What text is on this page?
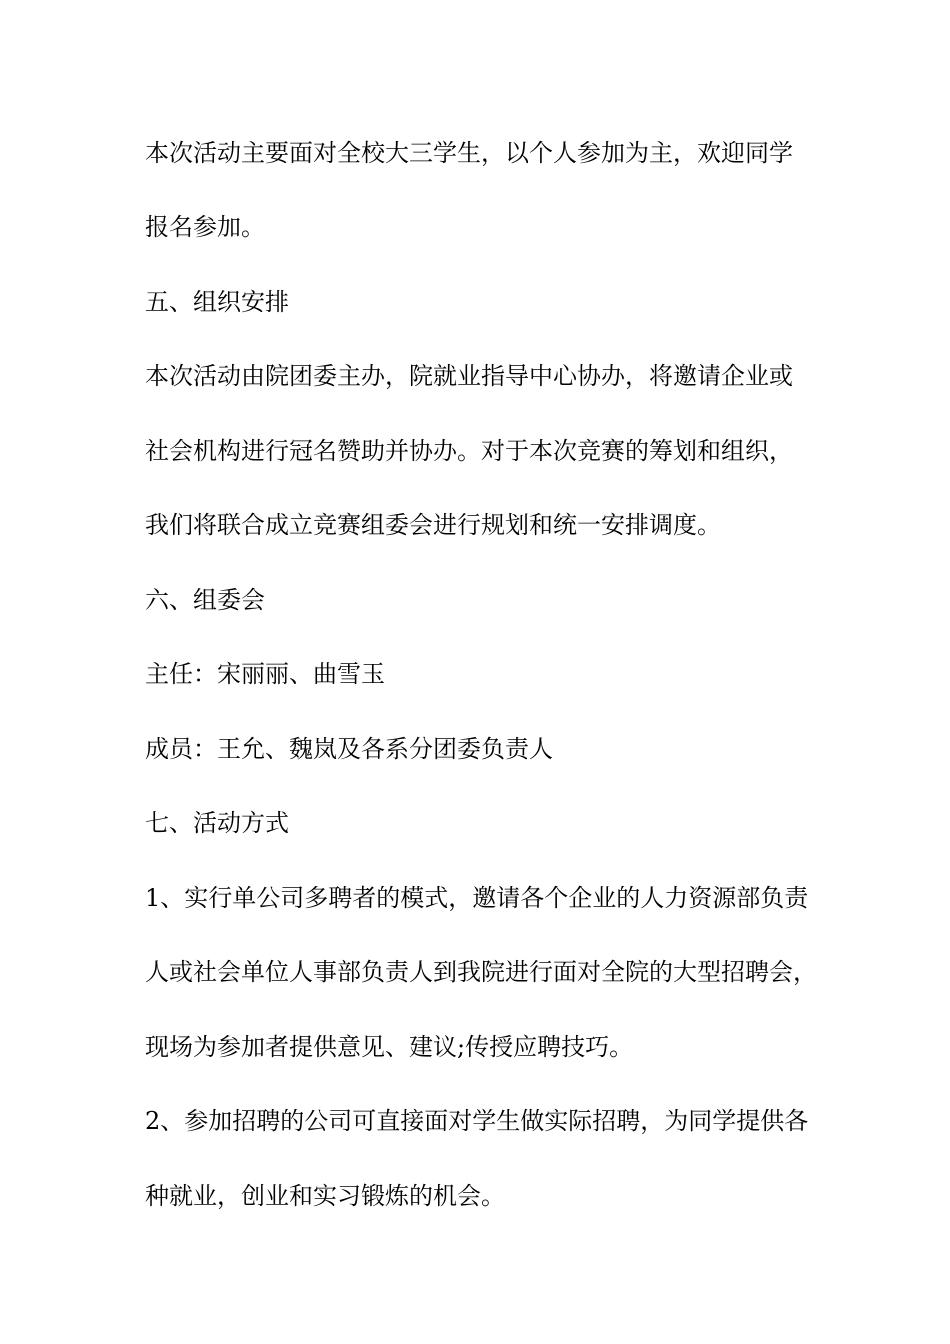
本次活动主要面对全校大三学生，以个人参加为主，欢迎同学
报名参加。
五、组织安排
本次活动由院团委主办，院就业指导中心协办，将邀请企业或
社会机构进行冠名赞助并协办。对于本次竞赛的筹划和组织，
我们将联合成立竞赛组委会进行规划和统一安排调度。
六、组委会
主任：宋丽丽、曲雪玉
成员：王允、魏岚及各系分团委负责人
七、活动方式
1、实行单公司多聘者的模式，邀请各个企业的人力资源部负责
人或社会单位人事部负责人到我院进行面对全院的大型招聘会，
现场为参加者提供意见、建议;传授应聘技巧。
2、参加招聘的公司可直接面对学生做实际招聘，为同学提供各
种就业，创业和实习锻炼的机会。
